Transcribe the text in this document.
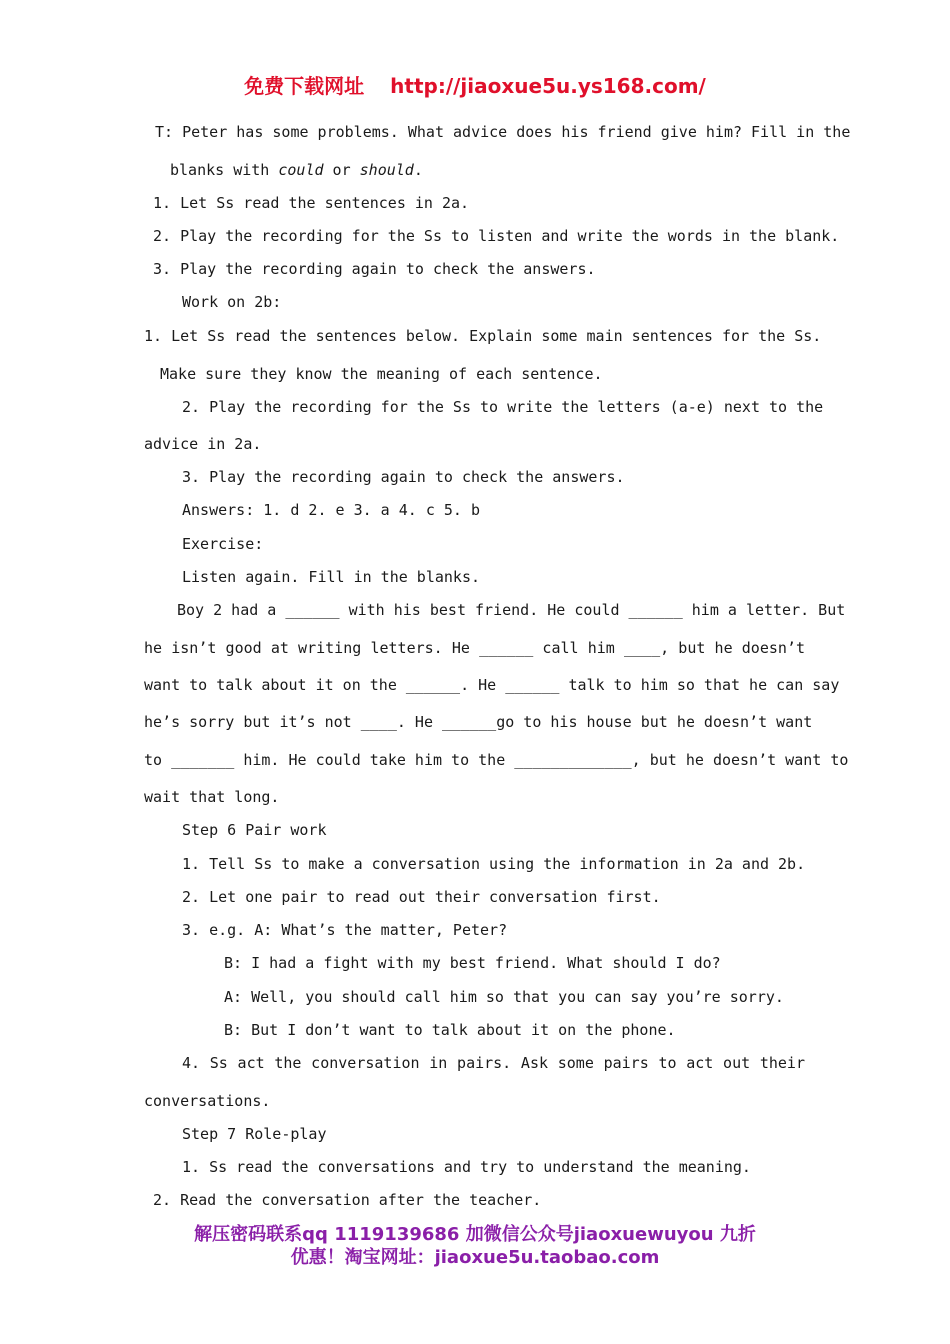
免费下载网址 http://jiaoxue5u.ys168.com/
T: Peter has some problems. What advice does his friend give him? Fill in the
blanks with could or should.
1. Let Ss read the sentences in 2a.
2. Play the recording for the Ss to listen and write the words in the blank.
3. Play the recording again to check the answers.
Work on 2b:
1. Let Ss read the sentences below. Explain some main sentences for the Ss.
Make sure they know the meaning of each sentence.
2. Play the recording for the Ss to write the letters (a-e) next to the
advice in 2a.
3. Play the recording again to check the answers.
Answers: 1. d 2. e 3. a 4. c 5. b
Exercise:
Listen again. Fill in the blanks.
Boy 2 had a ______ with his best friend. He could ______ him a letter. But
he isn’t good at writing letters. He ______ call him ____, but he doesn’t
want to talk about it on the ______. He ______ talk to him so that he can say
he’s sorry but it’s not ____. He ______go to his house but he doesn’t want
to _______ him. He could take him to the _____________, but he doesn’t want to
wait that long.
Step 6 Pair work
1. Tell Ss to make a conversation using the information in 2a and 2b.
2. Let one pair to read out their conversation first.
3. e.g. A: What’s the matter, Peter?
B: I had a fight with my best friend. What should I do?
A: Well, you should call him so that you can say you’re sorry.
B: But I don’t want to talk about it on the phone.
4. Ss act the conversation in pairs. Ask some pairs to act out their
conversations.
Step 7 Role-play
1. Ss read the conversations and try to understand the meaning.
2. Read the conversation after the teacher.
解压密码联系qq 1119139686 加微信公众号jiaoxuewuyou 九折
优惠！淘宝网址：jiaoxue5u.taobao.com
